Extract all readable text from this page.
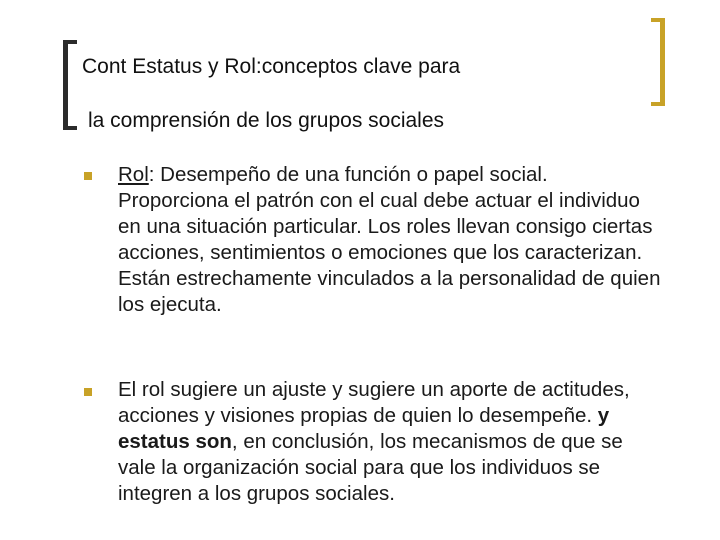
Cont Estatus y Rol:conceptos clave para

la comprensión de los grupos sociales

Rol: Desempeño de una función o papel social. Proporciona el patrón con el cual debe actuar el individuo en una situación particular. Los roles llevan consigo ciertas acciones, sentimientos o emociones que los caracterizan. Están estrechamente vinculados a la personalidad de quien los ejecuta.

El rol sugiere un ajuste y sugiere un aporte de actitudes, acciones y visiones propias de quien lo desempeñe. y estatus son, en conclusión, los mecanismos de que se vale la organización social para que los individuos se integren a los grupos sociales.
